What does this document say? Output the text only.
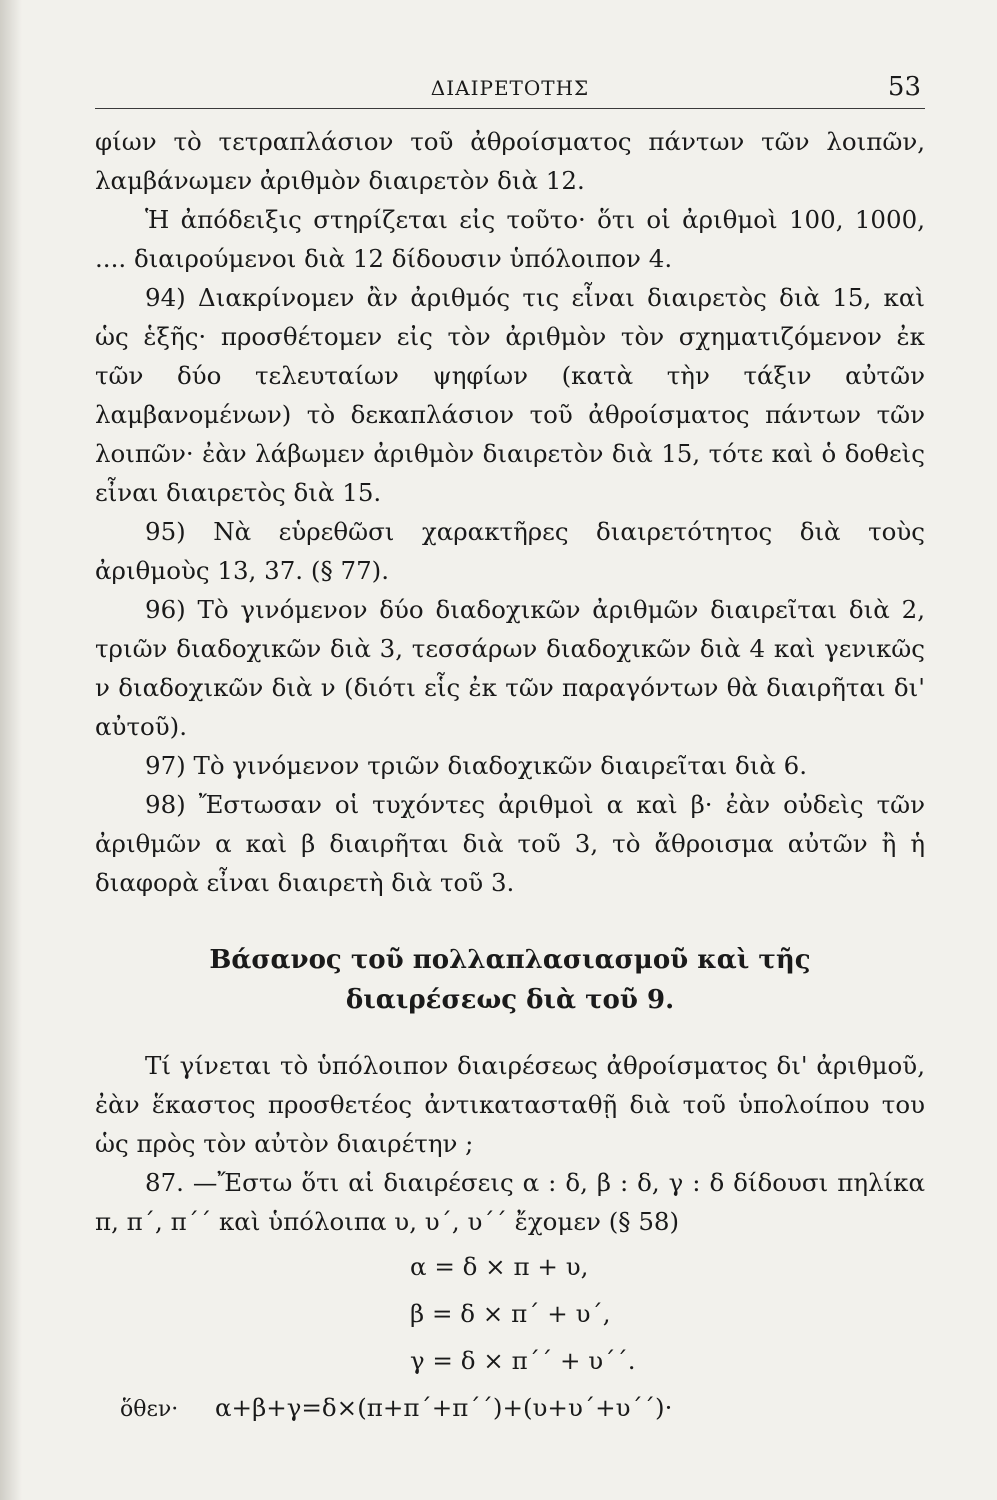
ΔΙΑΙΡΕΤΟΤΗΣ	53

φίων τὸ τετραπλάσιον τοῦ ἀθροίσματος πάντων τῶν λοιπῶν, λαμβάνωμεν ἀριθμὸν διαιρετὸν διὰ 12.

Ἡ ἀπόδειξις στηρίζεται εἰς τοῦτο· ὅτι οἱ ἀριθμοὶ 100, 1000, .... διαιρούμενοι διὰ 12 δίδουσιν ὑπόλοιπον 4.

94) Διακρίνομεν ἂν ἀριθμός τις εἶναι διαιρετὸς διὰ 15, καὶ ὡς ἑξῆς· προσθέτομεν εἰς τὸν ἀριθμὸν τὸν σχηματιζόμενον ἐκ τῶν δύο τελευταίων ψηφίων (κατὰ τὴν τάξιν αὐτῶν λαμβανομένων) τὸ δεκαπλάσιον τοῦ ἀθροίσματος πάντων τῶν λοιπῶν· ἐὰν λάβωμεν ἀριθμὸν διαιρετὸν διὰ 15, τότε καὶ ὁ δοθεὶς εἶναι διαιρετὸς διὰ 15.

95) Νὰ εὑρεθῶσι χαρακτῆρες διαιρετότητος διὰ τοὺς ἀριθμοὺς 13, 37. (§ 77).

96) Τὸ γινόμενον δύο διαδοχικῶν ἀριθμῶν διαιρεῖται διὰ 2, τριῶν διαδοχικῶν διὰ 3, τεσσάρων διαδοχικῶν διὰ 4 καὶ γενικῶς ν διαδοχικῶν διὰ ν (διότι εἷς ἐκ τῶν παραγόντων θὰ διαιρῆται δι' αὐτοῦ).

97) Τὸ γινόμενον τριῶν διαδοχικῶν διαιρεῖται διὰ 6.

98) Ἔστωσαν οἱ τυχόντες ἀριθμοὶ α καὶ β· ἐὰν οὐδεὶς τῶν ἀριθμῶν α καὶ β διαιρῆται διὰ τοῦ 3, τὸ ἄθροισμα αὐτῶν ἢ ἡ διαφορὰ εἶναι διαιρετὴ διὰ τοῦ 3.

Βάσανος τοῦ πολλαπλασιασμοῦ καὶ τῆς
διαιρέσεως διὰ τοῦ 9.

Τί γίνεται τὸ ὑπόλοιπον διαιρέσεως ἀθροίσματος δι' ἀριθμοῦ, ἐὰν ἕκαστος προσθετέος ἀντικατασταθῇ διὰ τοῦ ὑπολοίπου του ὡς πρὸς τὸν αὐτὸν διαιρέτην ;

87. —Ἔστω ὅτι αἱ διαιρέσεις α : δ, β : δ, γ : δ δίδουσι πηλίκα π, π΄, π΄΄ καὶ ὑπόλοιπα υ, υ΄, υ΄΄ ἔχομεν (§ 58)

α = δ × π + υ,
β = δ × π΄ + υ΄,
γ = δ × π΄΄ + υ΄΄.
ὅθεν·	α+β+γ=δ×(π+π΄+π΄΄)+(υ+υ΄+υ΄΄)·
